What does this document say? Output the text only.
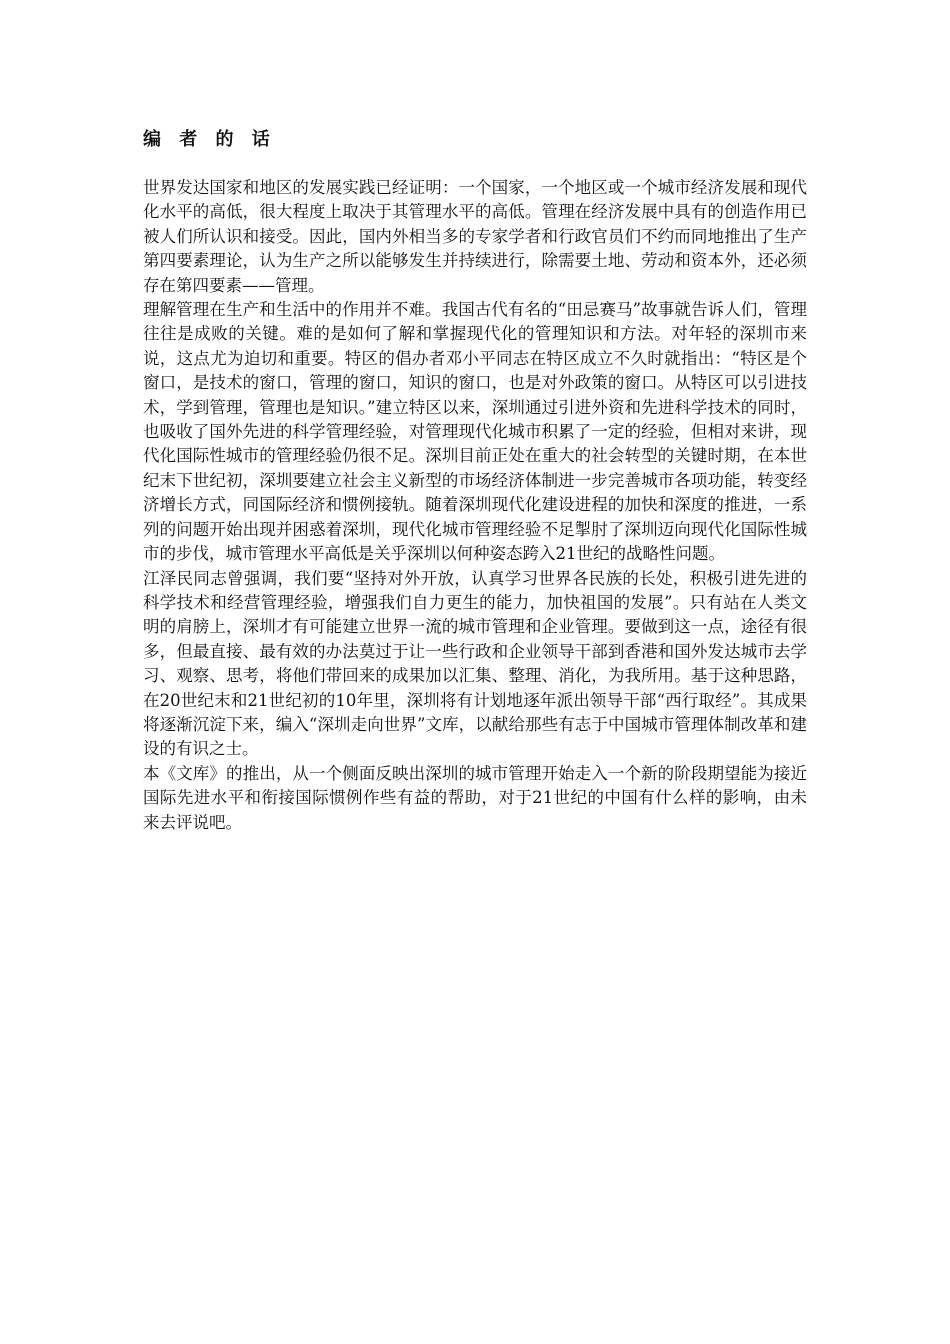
编 者 的 话

世界发达国家和地区的发展实践已经证明：一个国家，一个地区或一个城市经济发展和现代化水平的高低，很大程度上取决于其管理水平的高低。管理在经济发展中具有的创造作用已被人们所认识和接受。因此，国内外相当多的专家学者和行政官员们不约而同地推出了生产第四要素理论，认为生产之所以能够发生并持续进行，除需要土地、劳动和资本外，还必须存在第四要素——管理。

理解管理在生产和生活中的作用并不难。我国古代有名的“田忌赛马”故事就告诉人们，管理往往是成败的关键。难的是如何了解和掌握现代化的管理知识和方法。对年轻的深圳市来说，这点尤为迫切和重要。特区的倡办者邓小平同志在特区成立不久时就指出：“特区是个窗口，是技术的窗口，管理的窗口，知识的窗口，也是对外政策的窗口。从特区可以引进技术，学到管理，管理也是知识。”建立特区以来，深圳通过引进外资和先进科学技术的同时，也吸收了国外先进的科学管理经验，对管理现代化城市积累了一定的经验，但相对来讲，现代化国际性城市的管理经验仍很不足。深圳目前正处在重大的社会转型的关键时期，在本世纪末下世纪初，深圳要建立社会主义新型的市场经济体制进一步完善城市各项功能，转变经济增长方式，同国际经济和惯例接轨。随着深圳现代化建设进程的加快和深度的推进，一系列的问题开始出现并困惑着深圳，现代化城市管理经验不足掣肘了深圳迈向现代化国际性城市的步伐，城市管理水平高低是关乎深圳以何种姿态跨入21世纪的战略性问题。

江泽民同志曾强调，我们要“坚持对外开放，认真学习世界各民族的长处，积极引进先进的科学技术和经营管理经验，增强我们自力更生的能力，加快祖国的发展”。只有站在人类文明的肩膀上，深圳才有可能建立世界一流的城市管理和企业管理。要做到这一点，途径有很多，但最直接、最有效的办法莫过于让一些行政和企业领导干部到香港和国外发达城市去学习、观察、思考，将他们带回来的成果加以汇集、整理、消化，为我所用。基于这种思路，在20世纪末和21世纪初的10年里，深圳将有计划地逐年派出领导干部“西行取经”。其成果将逐渐沉淀下来，编入“深圳走向世界”文库，以献给那些有志于中国城市管理体制改革和建设的有识之士。

本《文库》的推出，从一个侧面反映出深圳的城市管理开始走入一个新的阶段期望能为接近国际先进水平和衔接国际惯例作些有益的帮助，对于21世纪的中国有什么样的影响，由未来去评说吧。
